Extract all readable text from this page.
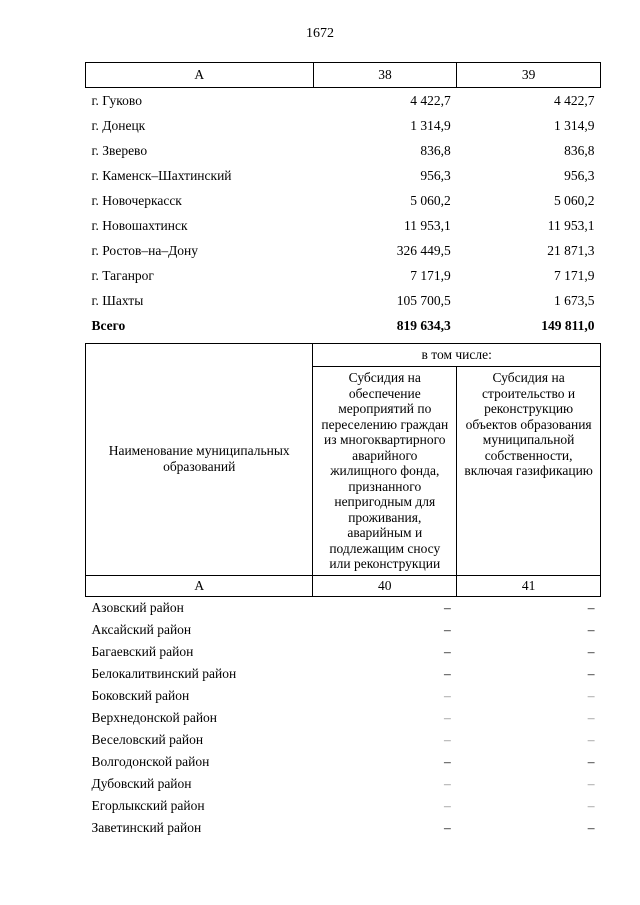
1672
А	38	39
г. Гуково	4 422,7	4 422,7
г. Донецк	1 314,9	1 314,9
г. Зверево	836,8	836,8
г. Каменск–Шахтинский	956,3	956,3
г. Новочеркасск	5 060,2	5 060,2
г. Новошахтинск	11 953,1	11 953,1
г. Ростов–на–Дону	326 449,5	21 871,3
г. Таганрог	7 171,9	7 171,9
г. Шахты	105 700,5	1 673,5
Всего	819 634,3	149 811,0
Наименование муниципальных образований	в том числе:	
	Субсидия на обеспечение мероприятий по переселению граждан из многоквартирного аварийного жилищного фонда, признанного непригодным для проживания, аварийным и подлежащим сносу или реконструкции	Субсидия на строительство и реконструкцию объектов образования муниципальной собственности, включая газификацию
А	40	41
Азовский район	–	–
Аксайский район	–	–
Багаевский район	–	–
Белокалитвинский район	–	–
Боковский район	–	–
Верхнедонской район	–	–
Веселовский район	–	–
Волгодонской район	–	–
Дубовский район	–	–
Егорлыкский район	–	–
Заветинский район	–	–
